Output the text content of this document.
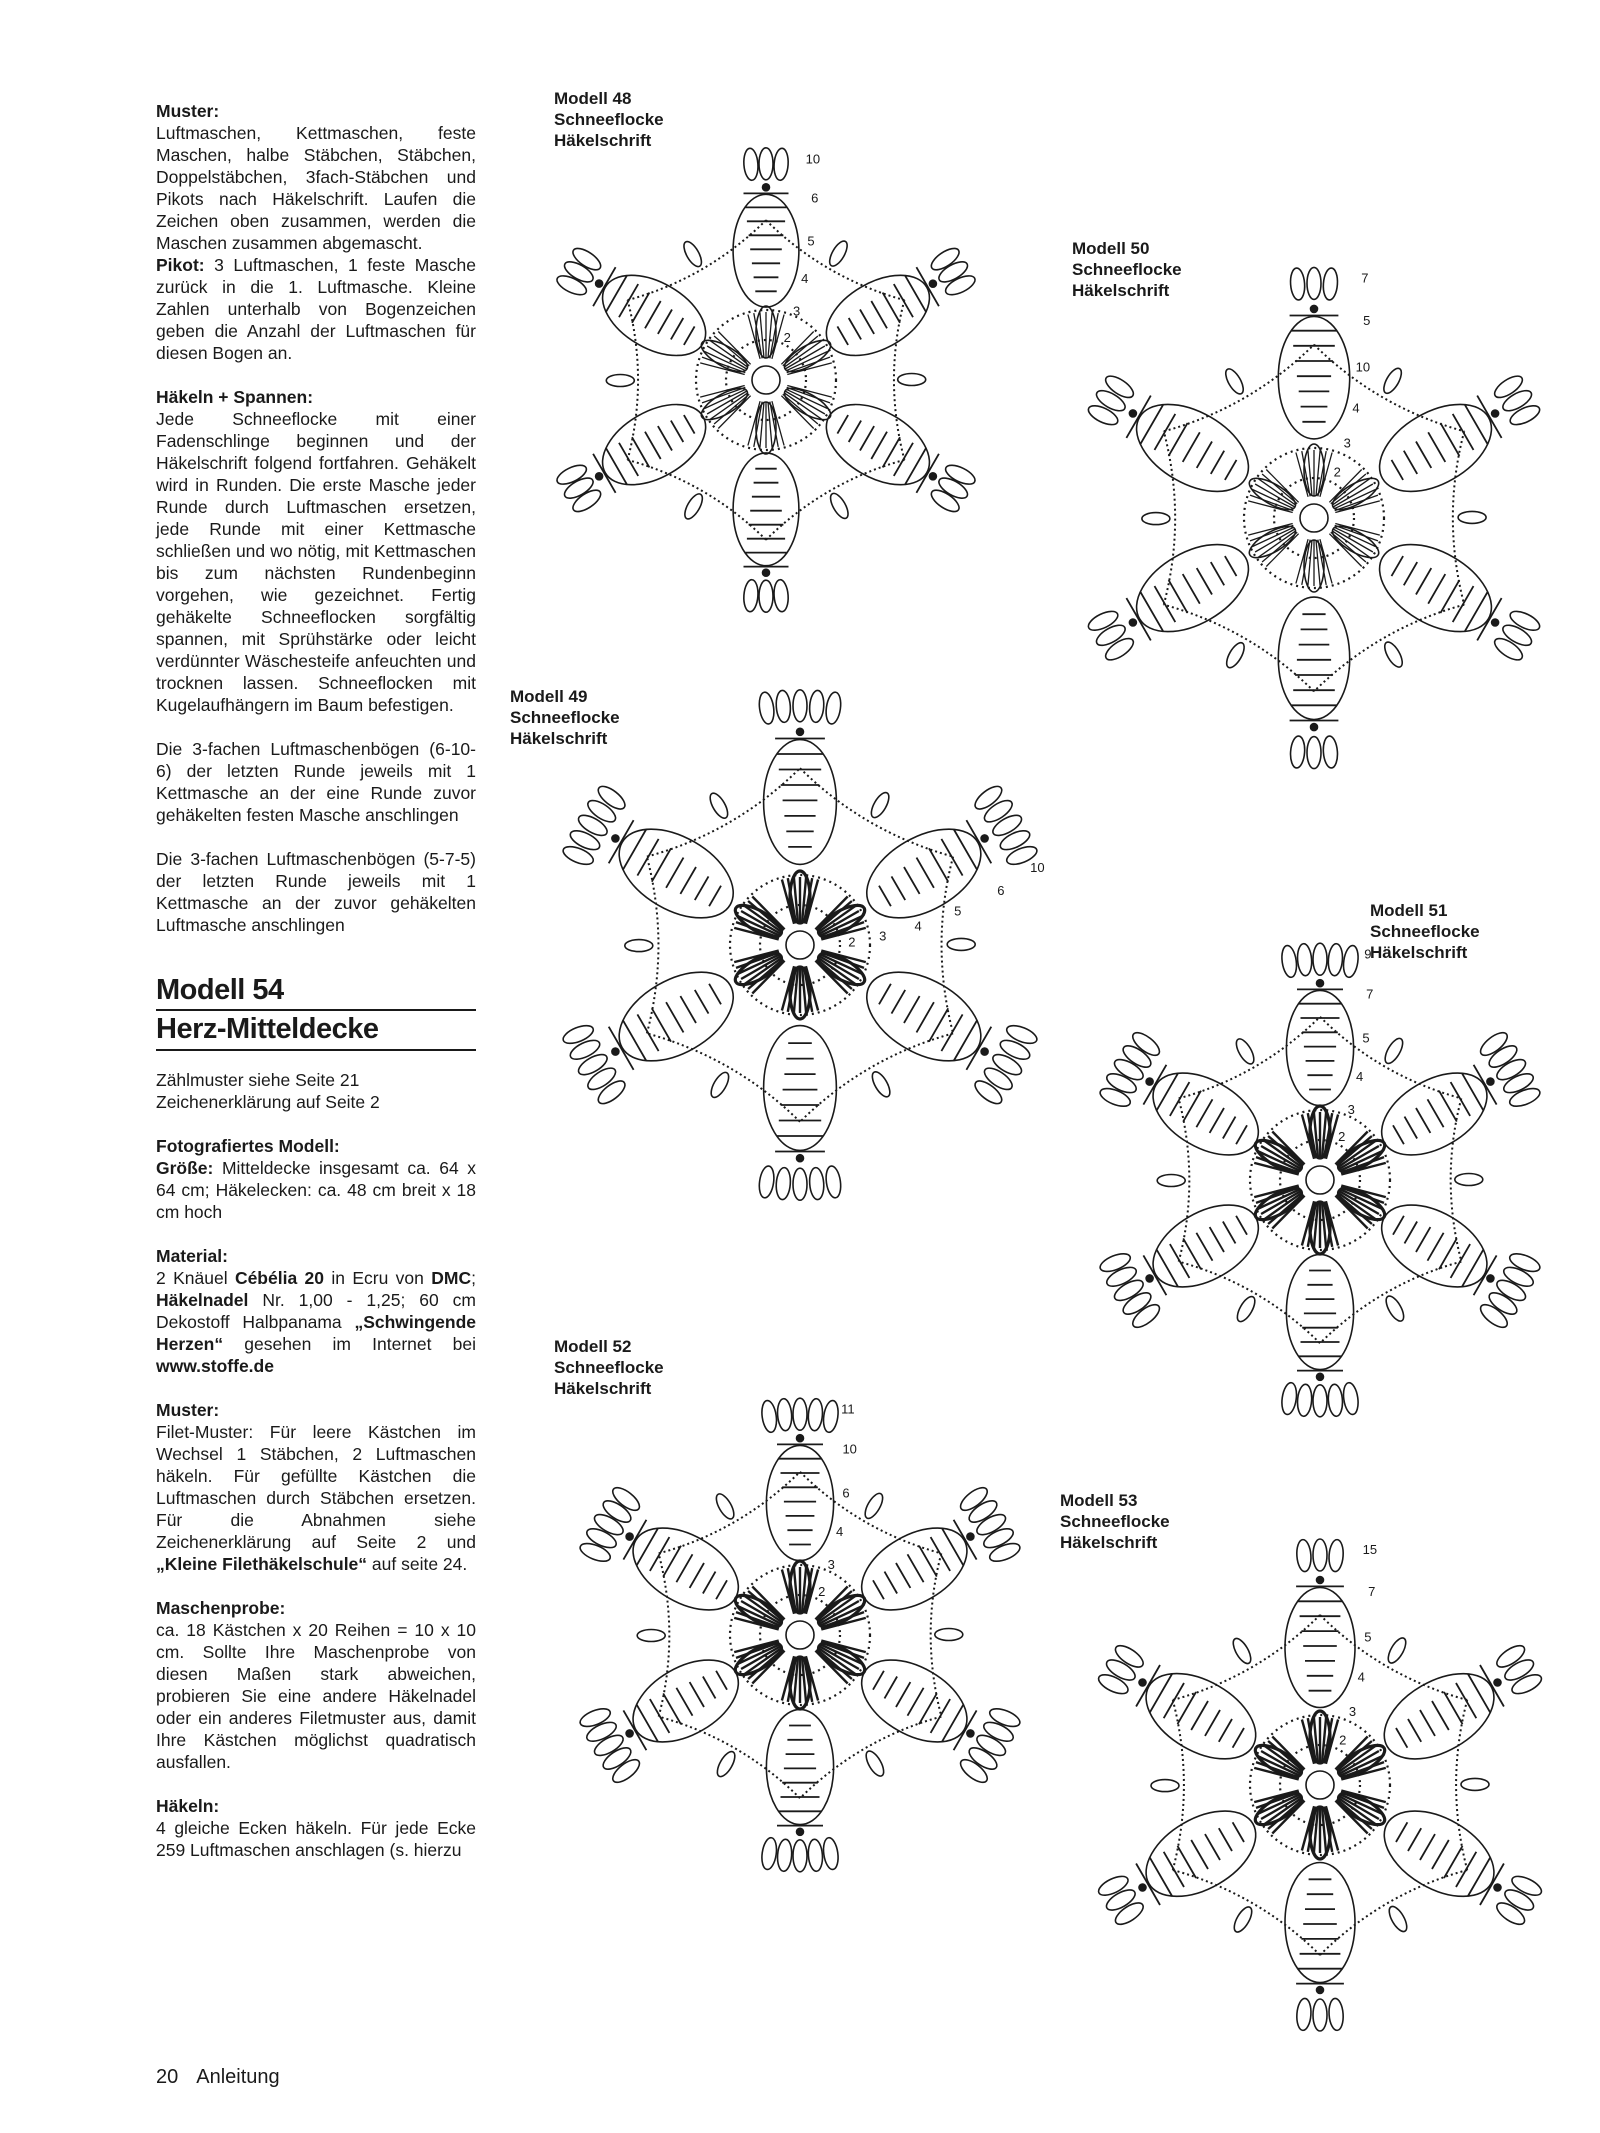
Muster:
Luftmaschen, Kettmaschen, feste Maschen, halbe Stäbchen, Stäbchen, Doppelstäbchen, 3fach-Stäbchen und Pikots nach Häkelschrift. Laufen die Zeichen oben zusammen, werden die Maschen zusammen abgemascht.
Pikot: 3 Luftmaschen, 1 feste Masche zurück in die 1. Luftmasche. Kleine Zahlen unterhalb von Bogenzeichen geben die Anzahl der Luftmaschen für diesen Bogen an.

Häkeln + Spannen:
Jede Schneeflocke mit einer Fadenschlinge beginnen und der Häkelschrift folgend fortfahren. Gehäkelt wird in Runden. Die erste Masche jeder Runde durch Luftmaschen ersetzen, jede Runde mit einer Kettmasche schließen und wo nötig, mit Kettmaschen bis zum nächsten Rundenbeginn vorgehen, wie gezeichnet. Fertig gehäkelte Schneeflocken sorgfältig spannen, mit Sprühstärke oder leicht verdünnter Wäschesteife anfeuchten und trocknen lassen. Schneeflocken mit Kugelaufhängern im Baum befestigen.

Die 3-fachen Luftmaschenbögen (6-10-6) der letzten Runde jeweils mit 1 Kettmasche an der eine Runde zuvor gehäkelten festen Masche anschlingen

Die 3-fachen Luftmaschenbögen (5-7-5) der letzten Runde jeweils mit 1 Kettmasche an der zuvor gehäkelten Luftmasche anschlingen

Modell 54
Herz-Mitteldecke

Zählmuster siehe Seite 21
Zeichenerklärung auf Seite 2

Fotografiertes Modell:
Größe: Mitteldecke insgesamt ca. 64 x 64 cm; Häkelecken: ca. 48 cm breit x 18 cm hoch

Material:
2 Knäuel Cébélia 20 in Ecru von DMC; Häkelnadel Nr. 1,00 - 1,25; 60 cm Dekostoff Halbpanama „Schwingende Herzen“ gesehen im Internet bei www.stoffe.de

Muster:
Filet-Muster: Für leere Kästchen im Wechsel 1 Stäbchen, 2 Luftmaschen häkeln. Für gefüllte Kästchen die Luftmaschen durch Stäbchen ersetzen. Für die Abnahmen siehe Zeichenerklärung auf Seite 2 und „Kleine Filethäkelschule“ auf seite 24.

Maschenprobe:
ca. 18 Kästchen x 20 Reihen = 10 x 10 cm. Sollte Ihre Maschenprobe von diesen Maßen stark abweichen, probieren Sie eine andere Häkelnadel oder ein anderes Filetmuster aus, damit Ihre Kästchen möglichst quadratisch ausfallen.

Häkeln:
4 gleiche Ecken häkeln. Für jede Ecke 259 Luftmaschen anschlagen (s. hierzu

20 Anleitung
Modell 48
Schneeflocke
Häkelschrift
Modell 50
Schneeflocke
Häkelschrift
Modell 49
Schneeflocke
Häkelschrift
Modell 51
Schneeflocke
Häkelschrift
Modell 52
Schneeflocke
Häkelschrift
Modell 53
Schneeflocke
Häkelschrift
10
6
5
4
3
2
7
5
10
4
3
2
10
6
5
4
3
2
9
7
5
4
3
2
11
10
6
4
3
2
15
7
5
4
3
2
